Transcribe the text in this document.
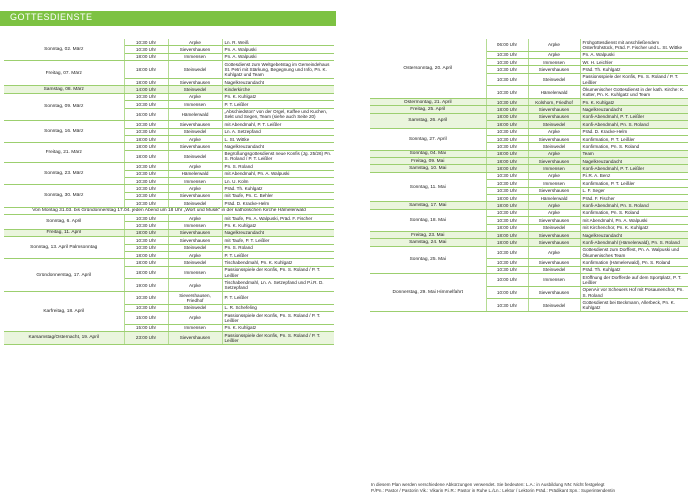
GOTTESDIENSTE
Sonntag, 02. März	10:30 Uhr	Arpke	Ln. R. Weiß
	10:30 Uhr	Sievershausen	Pn. A. Walpuski
	18:00 Uhr	Immensen	Pn. A. Walpuski
Freitag, 07. März	18:00 Uhr	Steinwedel	Gottesdienst zum Weltgebetstag im Gemeindehaus St. Petri mit Stärkung, Begegnung und Info, Pn. K. Kuhlgatz und Team
	18:00 Uhr	Sievershausen	Nagelkreuzandacht
Samstag, 08. März	14:00 Uhr	Steinwedel	Kinderkirche
Sonntag, 09. März	10:30 Uhr	Arpke	Pn. K. Kuhlgatz
	10:30 Uhr	Immensen	P. T. Leißler
	16:00 Uhr	Hämelerwald	„Abschiedston“ von der Orgel, Kaffee und Kuchen, Sekt und Segen, Team (siehe auch Seite 20)
Sonntag, 16. März	10:30 Uhr	Sievershausen	mit Abendmahl, P. T. Leißler
	10:30 Uhr	Steinwedel	Ln. A. Setzepfand
	18:00 Uhr	Arpke	L. St. Wittke
Freitag, 21. März	18:00 Uhr	Sievershausen	Nagelkreuzandacht
	18:00 Uhr	Steinwedel	Begrüßungsgottesdienst neue Konfis (Jg. 25/26) Pn. S. Roland / P. T. Leißler
Sonntag, 23. März	10:30 Uhr	Arpke	Pn. S. Roland
	10:30 Uhr	Hämelerwald	mit Abendmahl, Pn. A. Walpuski
	10:30 Uhr	Immensen	Ln. U. Kolm
Sonntag, 30. März	10:30 Uhr	Arpke	Präd. Th. Kuhlgatz
	10:30 Uhr	Sievershausen	mit Taufe, Pn. C. Behler
	10:30 Uhr	Steinwedel	Präd. D. Kracke-Helm
Von Montag 31.03. bis Gründonnerstag 17.04. jeden Abend um 18 Uhr „Wort und Musik“ in der katholischen Kirche Hämelerwald			
Sonntag, 6. April	10:30 Uhr	Arpke	mit Taufe, Pn. A. Walpuski, Präd. F. Fischer
	10:30 Uhr	Immensen	Pn. K. Kuhlgatz
Freitag, 11. April	18:00 Uhr	Sievershausen	Nagelkreuzandacht
Sonntag, 13. April Palmsonntag	10:30 Uhr	Sievershausen	mit Taufe, P. T. Leißler
	10:30 Uhr	Steinwedel	Pn. S. Roland
	18:00 Uhr	Arpke	P. T. Leißler
Gründonnerstag, 17. April	18:00 Uhr	Steinwedel	Tischabendmahl, Pn. K. Kuhlgatz
	18:00 Uhr	Immensen	Passionsspiele der Konfis, Pn. S. Roland / P. T. Leißler
	19:00 Uhr	Arpke	Tischabendmahl, Ln. A. Setzepfand und P.i.R. D. Setzepfand
Karfreitag, 18. April	10:30 Uhr	Sievershausen, Friedhof	P. T. Leißler
	10:30 Uhr	Steinwedel	L. R. Schefeling
	15:00 Uhr	Arpke	Passionsspiele der Konfis, Pn. S. Roland / P. T. Leißler
	15:00 Uhr	Immensen	Pn. K. Kuhlgatz
Karsamstag/Osternacht, 19. April	23:00 Uhr	Sievershausen	Passionsspiele der Konfis, Pn. S. Roland / P. T. Leißler
Ostersonntag, 20. April	06:00 Uhr	Arpke	Frühgottesdienst mit anschließendem Osterfrühstück, Präd. F. Fischer und L. St. Wittke
	10:30 Uhr	Arpke	Pn. A. Walpuski
	10:30 Uhr	Immensen	Wr. H. Leichler
	10:30 Uhr	Sievershausen	Präd. Th. Kuhlgatz
	10:30 Uhr	Steinwedel	Passionsspiele der Konfis, Pn. S. Roland / P. T. Leißler
	10:30 Uhr	Hämelerwald	Ökumenischer Gottesdienst in der kath. Kirche: K. Kutter, Pn. K. Kuhlgatz und Team
Ostermontag, 21. April	10:30 Uhr	Kolshorn, Friedhof	Pn. K. Kuhlgatz
Freitag, 25. April	18:00 Uhr	Sievershausen	Nagelkreuzandacht
Samstag, 26. April	18:00 Uhr	Sievershausen	Konfi-Abendmahl, P. T. Leißler
	18:00 Uhr	Steinwedel	Konfi-Abendmahl, Pn. S. Roland
Sonntag, 27. April	10:30 Uhr	Arpke	Präd. D. Kracke-Helm
	10:30 Uhr	Sievershausen	Konfirmation, P. T. Leißler
	10:30 Uhr	Steinwedel	Konfirmation, Pn. S. Roland
Sonntag, 04. Mai	18:00 Uhr	Arpke	Team
Freitag, 09. Mai	18:00 Uhr	Sievershausen	Nagelkreuzandacht
Samstag, 10. Mai	18:00 Uhr	Immensen	Konfi-Abendmahl, P. T. Leißler
Sonntag, 11. Mai	10:30 Uhr	Arpke	P.i.R. A. Benz
	10:30 Uhr	Immensen	Konfirmation, P. T. Leißler
	10:30 Uhr	Sievershausen	L. F. Seger
	18:00 Uhr	Hämelerwald	Präd. F. Fischer
Samstag, 17. Mai	18:00 Uhr	Arpke	Konfi-Abendmahl, Pn. S. Roland
Sonntag, 18. Mai	10:30 Uhr	Arpke	Konfirmation, Pn. S. Roland
	10:30 Uhr	Sievershausen	mit Abendmahl, Pn. A. Walpuski
	18:00 Uhr	Steinwedel	mit Kirchenchor, Pn. K. Kuhlgatz
Freitag, 23. Mai	18:00 Uhr	Sievershausen	Nagelkreuzandacht
Samstag, 24. Mai	18:00 Uhr	Sievershausen	Konfi-Abendmahl (Hämelerwald), Pn. S. Roland
Sonntag, 25. Mai	10:30 Uhr	Arpke	Gottesdienst zum Dorffest, Pn. A. Walpuski und Ökumenisches Team
	10:30 Uhr	Sievershausen	Konfirmation (Hämelerwald), Pn. S. Roland
	10:30 Uhr	Steinwedel	Präd. Th. Kuhlgatz
Donnerstag, 29. Mai Himmelfahrt	10:00 Uhr	Immensen	Eröffnung der Dorfferde auf dem Sportplatz, P. T. Leißler
	10:00 Uhr	Sievershausen	OpenAir vor Scheuers Hof mit Posaunenchor, Pn. S. Roland
	10:30 Uhr	Steinwedel	Gottesdienst bei Beckmann, Allerbeck, Pn. K. Kuhlgatz
In diesem Plan werden verschiedene Abkürzungen verwendet. Sie bedeuten: L.A.: in Ausbildung NN: Nicht festgelegt
P./Pn.: Pastor / Pastorin Vik.: Vikarin P.i.R.: Pastor in Ruhe L./Ln.: Lektor / Lektorin Präd.: Prädikant Spn.: Superintendentin
